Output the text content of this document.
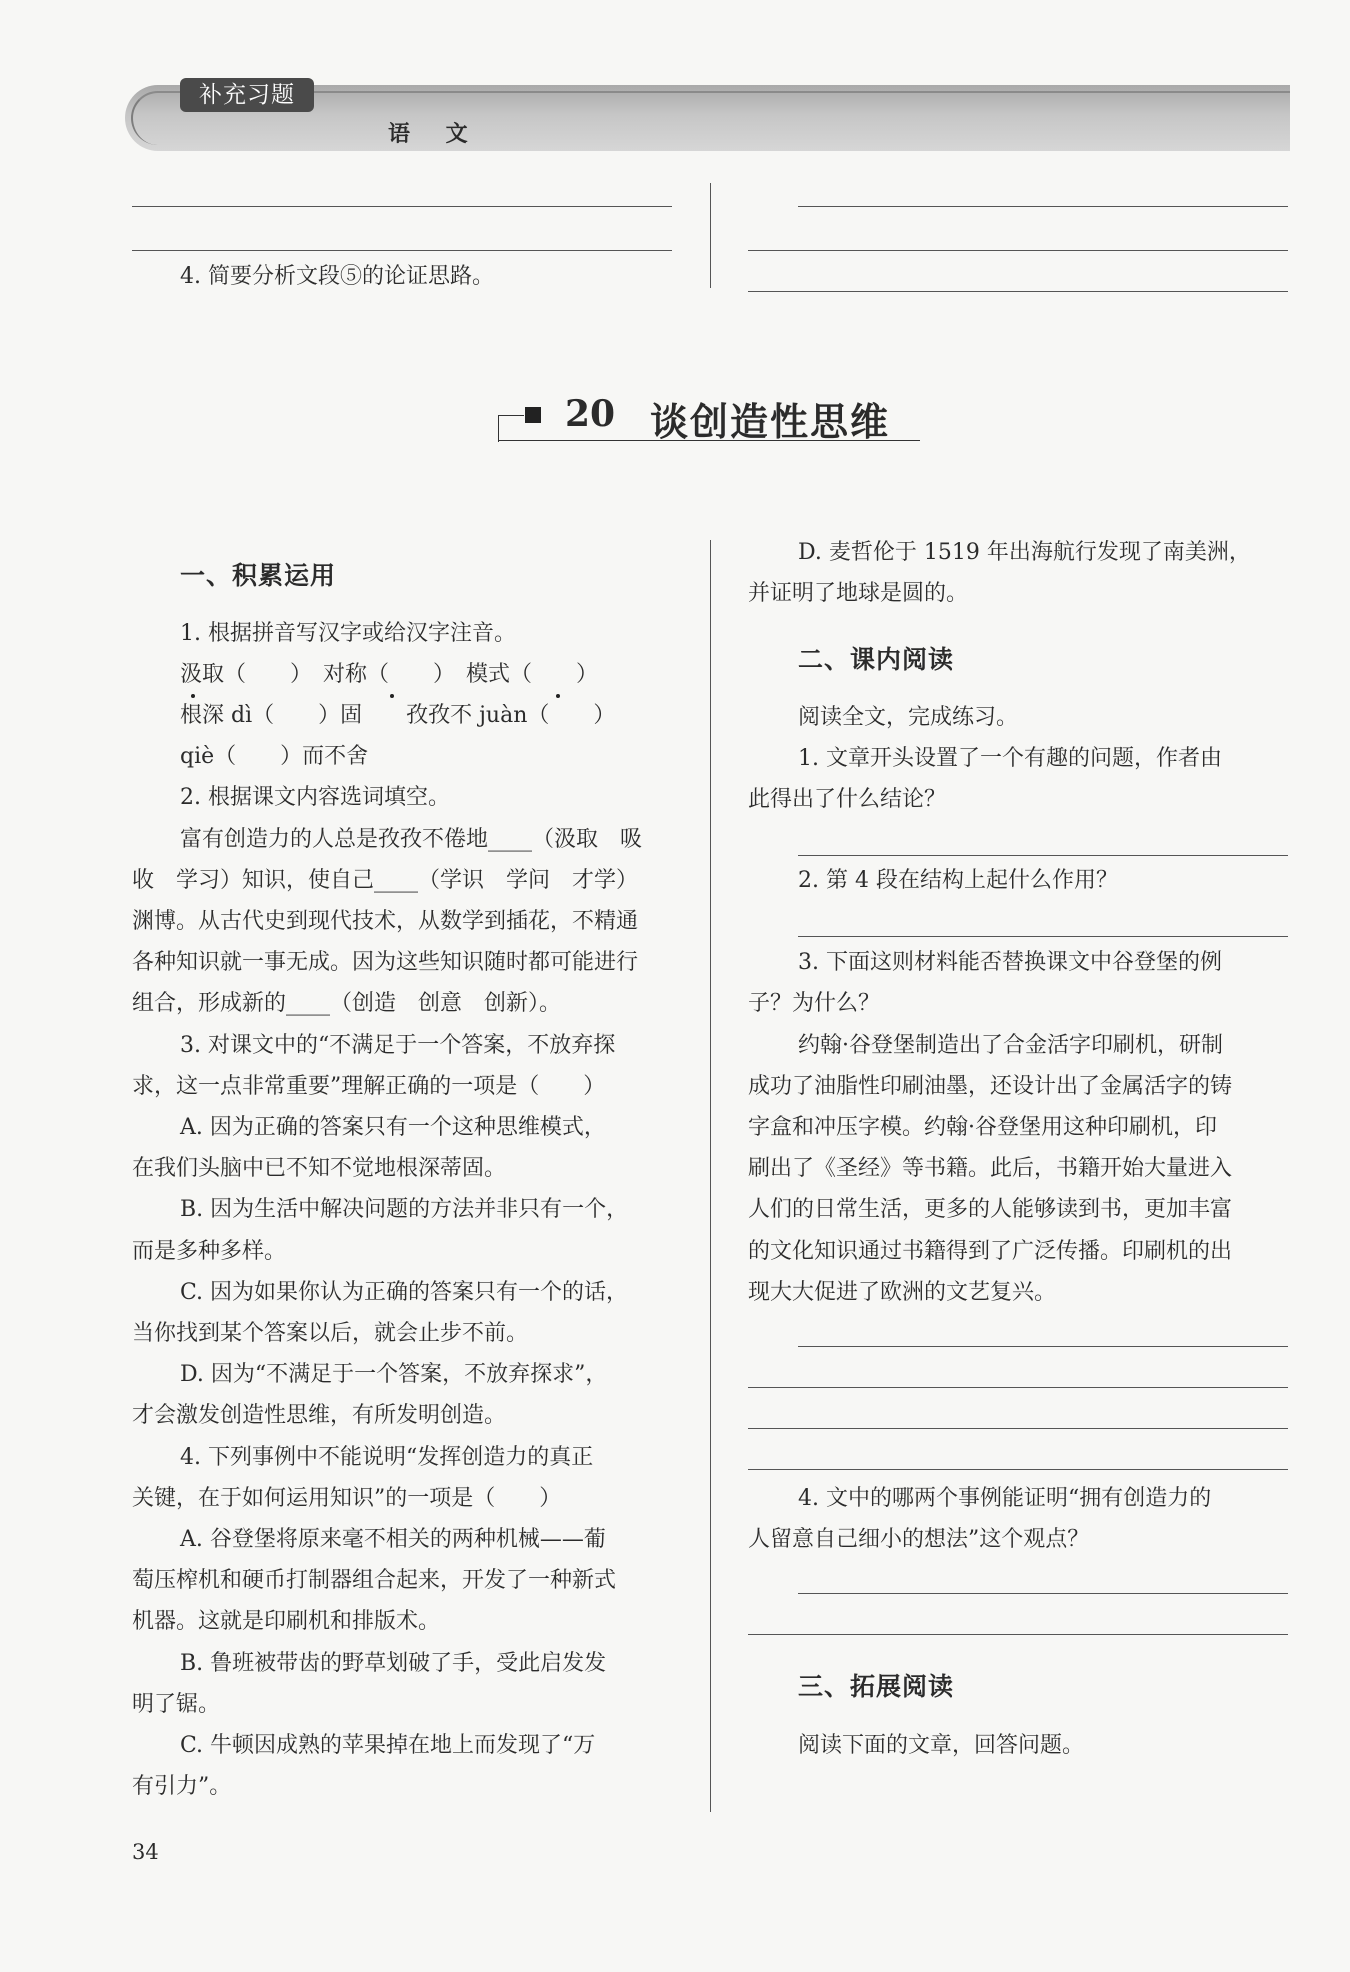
补充习题
语 文
4. 简要分析文段⑤的论证思路。
20 谈创造性思维
一、积累运用
1. 根据拼音写汉字或给汉字注音。
汲取（　　）　对称（　　）　模式（　　）
根深 dì（　　）固　　孜孜不 juàn（　　）
qiè（　　）而不舍
2. 根据课文内容选词填空。
富有创造力的人总是孜孜不倦地____（汲取　吸
收　学习）知识，使自己____（学识　学问　才学）
渊博。从古代史到现代技术，从数学到插花，不精通
各种知识就一事无成。因为这些知识随时都可能进行
组合，形成新的____（创造　创意　创新）。
3. 对课文中的“不满足于一个答案，不放弃探
求，这一点非常重要”理解正确的一项是（　　）
A. 因为正确的答案只有一个这种思维模式，
在我们头脑中已不知不觉地根深蒂固。
B. 因为生活中解决问题的方法并非只有一个，
而是多种多样。
C. 因为如果你认为正确的答案只有一个的话，
当你找到某个答案以后，就会止步不前。
D. 因为“不满足于一个答案，不放弃探求”，
才会激发创造性思维，有所发明创造。
4. 下列事例中不能说明“发挥创造力的真正
关键，在于如何运用知识”的一项是（　　）
A. 谷登堡将原来毫不相关的两种机械——葡
萄压榨机和硬币打制器组合起来，开发了一种新式
机器。这就是印刷机和排版术。
B. 鲁班被带齿的野草划破了手，受此启发发
明了锯。
C. 牛顿因成熟的苹果掉在地上而发现了“万
有引力”。
D. 麦哲伦于 1519 年出海航行发现了南美洲，
并证明了地球是圆的。
二、课内阅读
阅读全文，完成练习。
1. 文章开头设置了一个有趣的问题，作者由
此得出了什么结论？
2. 第 4 段在结构上起什么作用？
3. 下面这则材料能否替换课文中谷登堡的例
子？为什么？
约翰·谷登堡制造出了合金活字印刷机，研制
成功了油脂性印刷油墨，还设计出了金属活字的铸
字盒和冲压字模。约翰·谷登堡用这种印刷机，印
刷出了《圣经》等书籍。此后，书籍开始大量进入
人们的日常生活，更多的人能够读到书，更加丰富
的文化知识通过书籍得到了广泛传播。印刷机的出
现大大促进了欧洲的文艺复兴。
4. 文中的哪两个事例能证明“拥有创造力的
人留意自己细小的想法”这个观点？
三、拓展阅读
阅读下面的文章，回答问题。
34
